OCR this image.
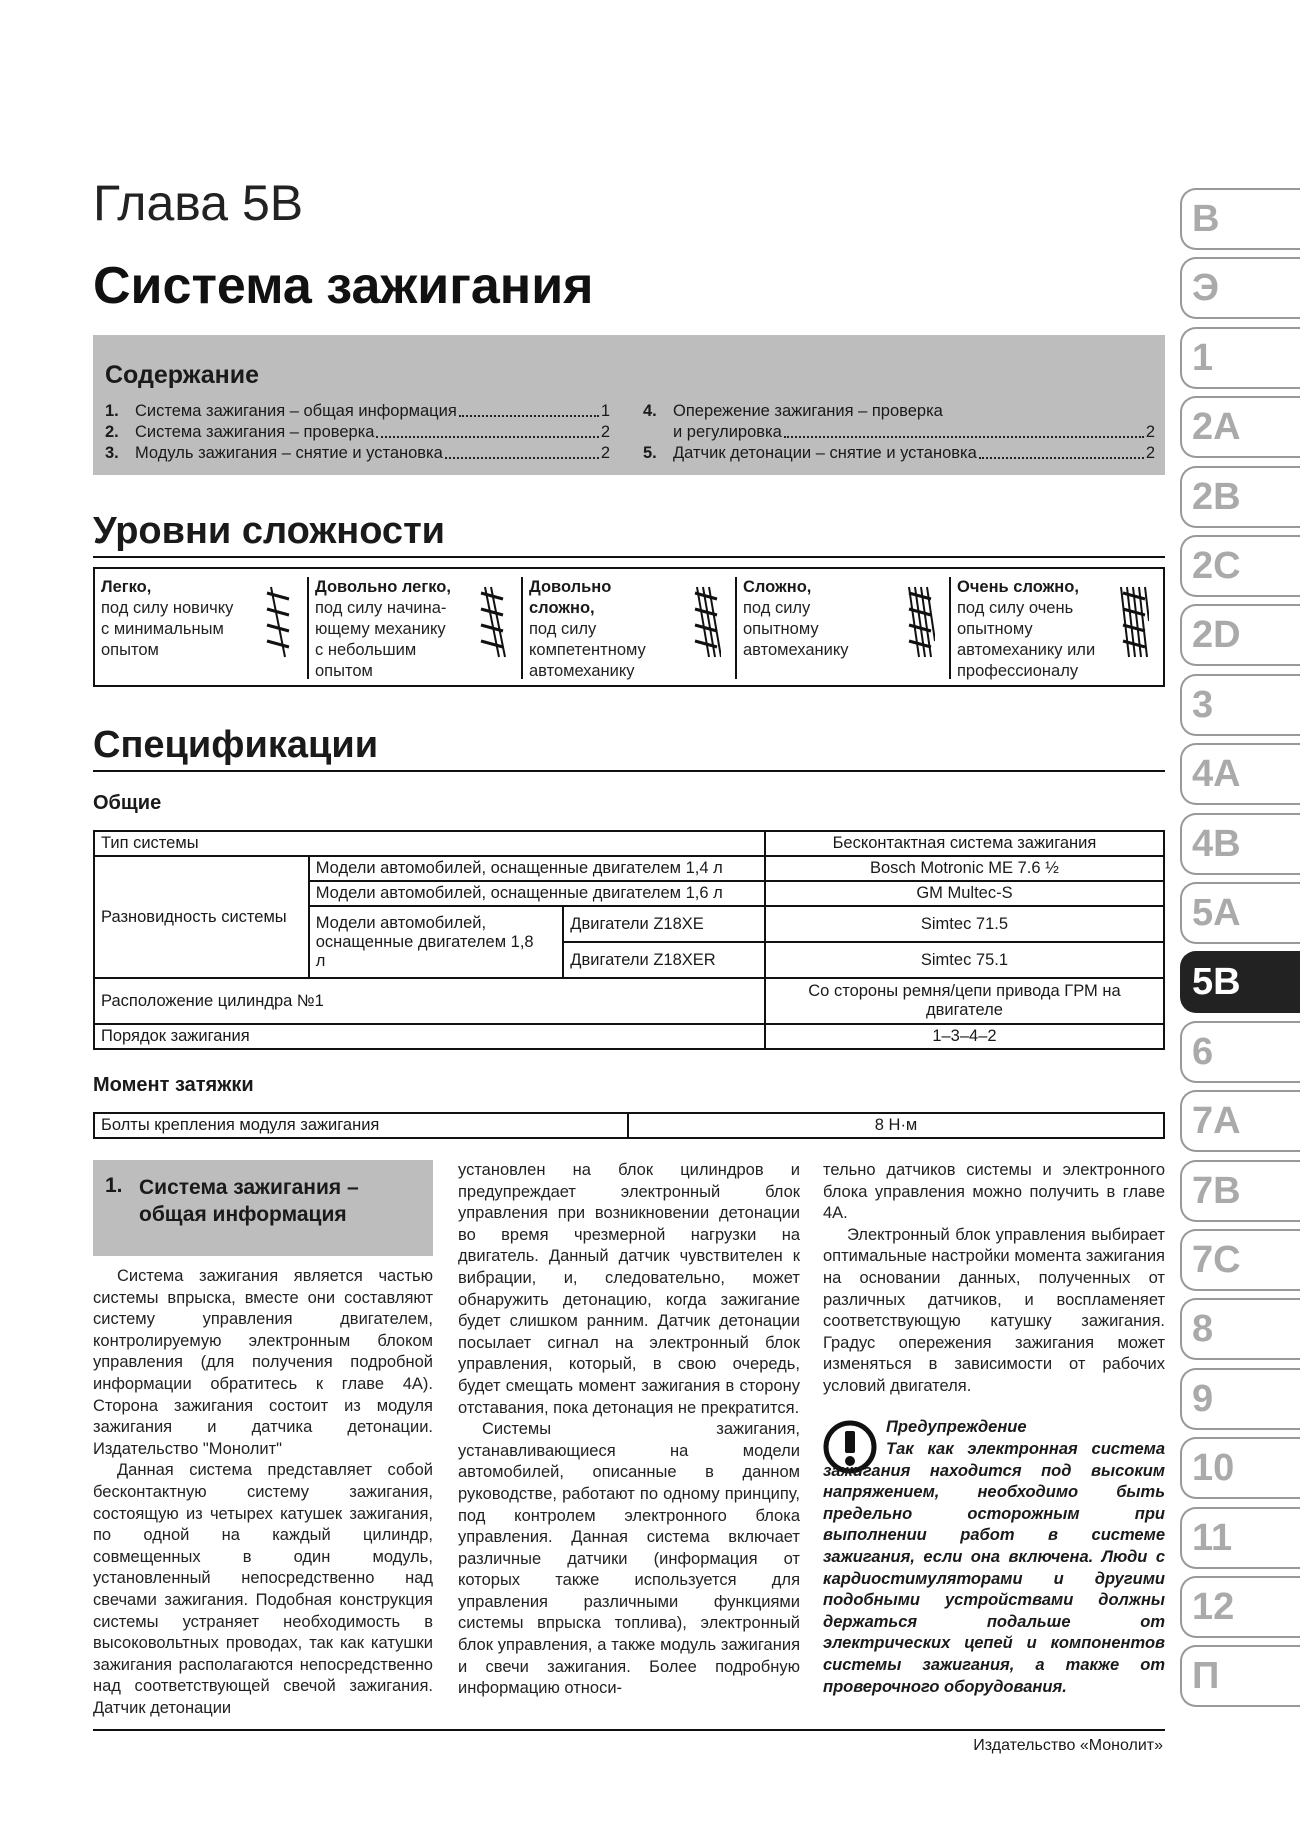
Глава 5В
Система зажигания
Содержание
1. Система зажигания – общая информация	1
2. Система зажигания – проверка	2
3. Модуль зажигания – снятие и установка	2
4. Опережение зажигания – проверка
и регулировка	2
5. Датчик детонации – снятие и установка	2
Уровни сложности
Легко,
под силу новичку
с минимальным
опытом
Довольно легко,
под силу начина-
ющему механику
с небольшим
опытом
Довольно сложно,
под силу
компетентному
автомеханику
Сложно,
под силу
опытному
автомеханику
Очень сложно,
под силу очень
опытному
автомеханику или
профессионалу
Спецификации
Общие
Тип системы			Бесконтактная система зажигания
Разновидность системы	Модели автомобилей, оснащенные двигателем 1,4 л		Bosch Motronic ME 7.6 ½
	Модели автомобилей, оснащенные двигателем 1,6 л		GM Multec-S
	Модели автомобилей, оснащенные двигателем 1,8 л	Двигатели Z18XE	Simtec 71.5
		Двигатели Z18XER	Simtec 75.1
Расположение цилиндра №1			Со стороны ремня/цепи привода ГРМ на двигателе
Порядок зажигания			1–3–4–2
Момент затяжки
Болты крепления модуля зажигания	8 Н·м
1. Система зажигания – общая информация

Система зажигания является частью системы впрыска, вместе они составляют систему управления двигателем, контролируемую электронным блоком управления (для получения подробной информации обратитесь к главе 4А). Сторона зажигания состоит из модуля зажигания и датчика детонации. Издательство "Монолит"

Данная система представляет собой бесконтактную систему зажигания, состоящую из четырех катушек зажигания, по одной на каждый цилиндр, совмещенных в один модуль, установленный непосредственно над свечами зажигания. Подобная конструкция системы устраняет необходимость в высоковольтных проводах, так как катушки зажигания располагаются непосредственно над соответствующей свечой зажигания. Датчик детонации

установлен на блок цилиндров и предупреждает электронный блок управления при возникновении детонации во время чрезмерной нагрузки на двигатель. Данный датчик чувствителен к вибрации, и, следовательно, может обнаружить детонацию, когда зажигание будет слишком ранним. Датчик детонации посылает сигнал на электронный блок управления, который, в свою очередь, будет смещать момент зажигания в сторону отставания, пока детонация не прекратится.

Системы зажигания, устанавливающиеся на модели автомобилей, описанные в данном руководстве, работают по одному принципу, под контролем электронного блока управления. Данная система включает различные датчики (информация от которых также используется для управления различными функциями системы впрыска топлива), электронный блок управления, а также модуль зажигания и свечи зажигания. Более подробную информацию относи-

тельно датчиков системы и электронного блока управления можно получить в главе 4А.

Электронный блок управления выбирает оптимальные настройки момента зажигания на основании данных, полученных от различных датчиков, и воспламеняет соответствующую катушку зажигания. Градус опережения зажигания может изменяться в зависимости от рабочих условий двигателя.

Предупреждение
Так как электронная система зажигания находится под высоким напряжением, необходимо быть предельно осторожным при выполнении работ в системе зажигания, если она включена. Люди с кардиостимуляторами и другими подобными устройствами должны держаться подальше от электрических цепей и компонентов системы зажигания, а также от проверочного оборудования.
Издательство «Монолит»
В
Э
1
2А
2В
2С
2D
3
4А
4В
5А
5В
6
7А
7В
7С
8
9
10
11
12
П
